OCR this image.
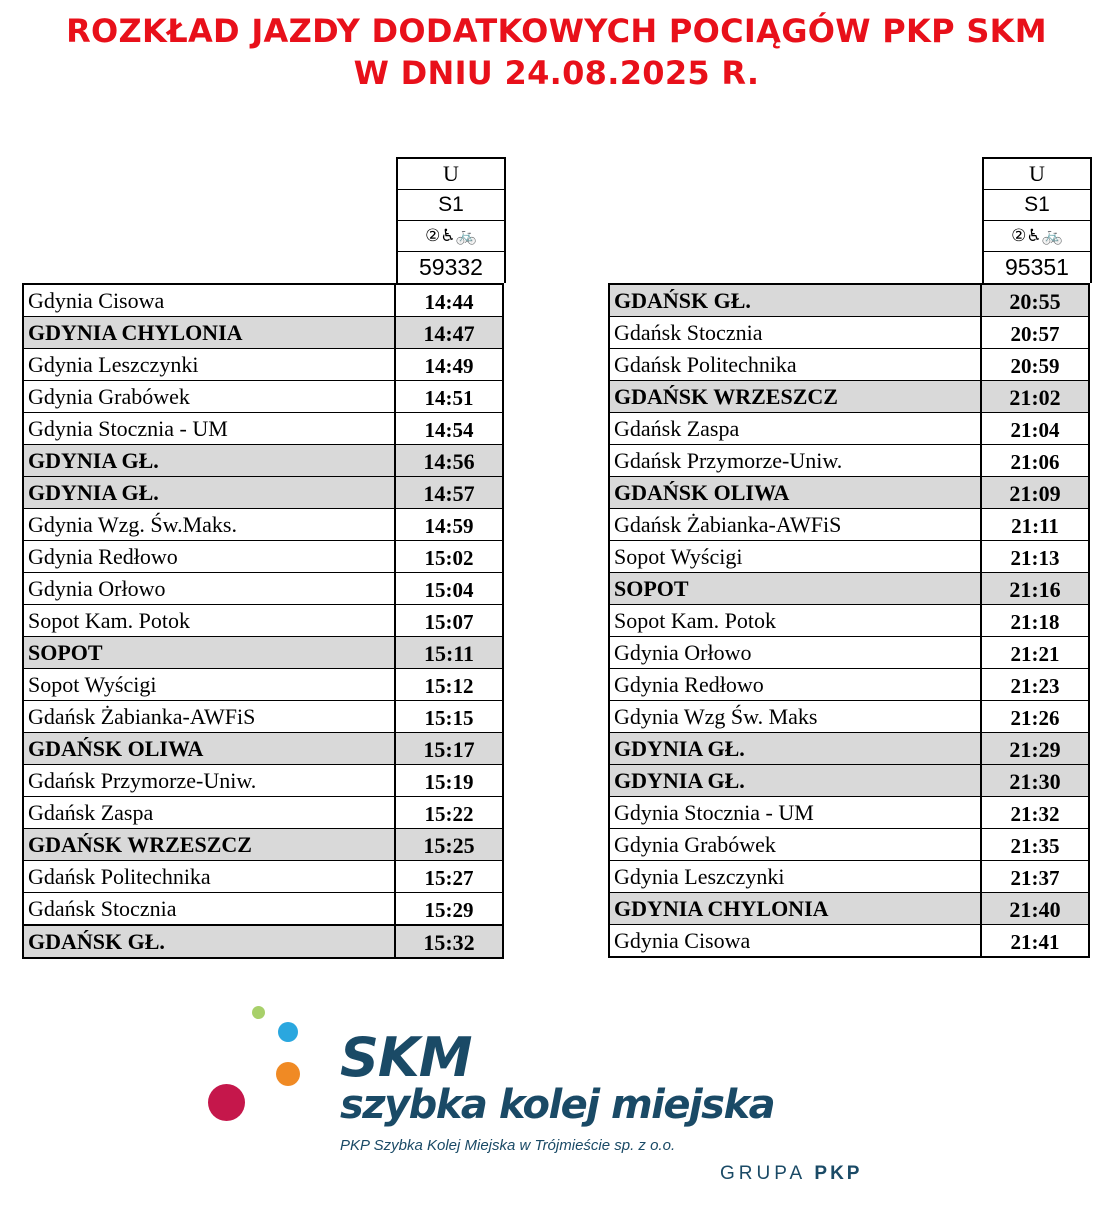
ROZKŁAD JAZDY DODATKOWYCH POCIĄGÓW PKP SKM
W DNIU 24.08.2025 R.
U
S1
②♿🚲
59332
Gdynia Cisowa	14:44
GDYNIA CHYLONIA	14:47
Gdynia Leszczynki	14:49
Gdynia Grabówek	14:51
Gdynia Stocznia - UM	14:54
GDYNIA GŁ.	14:56
GDYNIA GŁ.	14:57
Gdynia Wzg. Św.Maks.	14:59
Gdynia Redłowo	15:02
Gdynia Orłowo	15:04
Sopot Kam. Potok	15:07
SOPOT	15:11
Sopot Wyścigi	15:12
Gdańsk Żabianka-AWFiS	15:15
GDAŃSK OLIWA	15:17
Gdańsk Przymorze-Uniw.	15:19
Gdańsk Zaspa	15:22
GDAŃSK WRZESZCZ	15:25
Gdańsk Politechnika	15:27
Gdańsk Stocznia	15:29
GDAŃSK GŁ.	15:32
U
S1
②♿🚲
95351
GDAŃSK GŁ.	20:55
Gdańsk Stocznia	20:57
Gdańsk Politechnika	20:59
GDAŃSK WRZESZCZ	21:02
Gdańsk Zaspa	21:04
Gdańsk Przymorze-Uniw.	21:06
GDAŃSK OLIWA	21:09
Gdańsk Żabianka-AWFiS	21:11
Sopot Wyścigi	21:13
SOPOT	21:16
Sopot Kam. Potok	21:18
Gdynia Orłowo	21:21
Gdynia Redłowo	21:23
Gdynia Wzg Św. Maks	21:26
GDYNIA GŁ.	21:29
GDYNIA GŁ.	21:30
Gdynia Stocznia - UM	21:32
Gdynia Grabówek	21:35
Gdynia Leszczynki	21:37
GDYNIA CHYLONIA	21:40
Gdynia Cisowa	21:41
SKM
szybka kolej miejska
PKP Szybka Kolej Miejska w Trójmieście sp. z o.o.
GRUPA PKP
